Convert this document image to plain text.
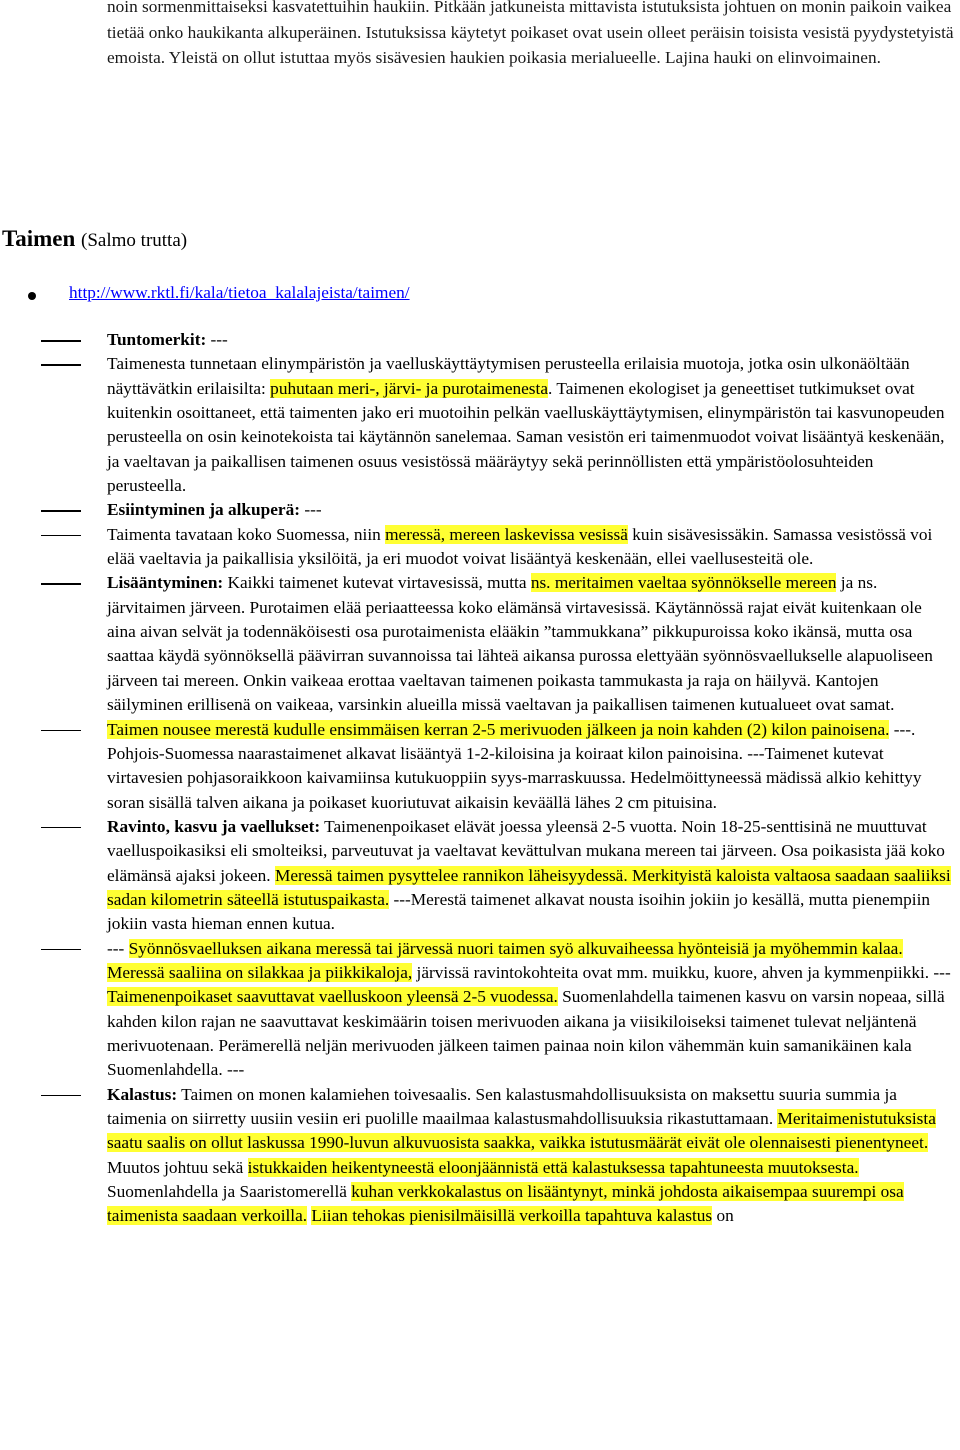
noin sormenmittaiseksi kasvatettuihin haukiin. Pitkään jatkuneista mittavista istutuksista johtuen on monin paikoin vaikea tietää onko haukikanta alkuperäinen. Istutuksissa käytetyt poikaset ovat usein olleet peräisin toisista vesistä pyydystetyistä emoista. Yleistä on ollut istuttaa myös sisävesien haukien poikasia merialueelle. Lajina hauki on elinvoimainen.

Taimen (Salmo trutta)
http://www.rktl.fi/kala/tietoa_kalalajeista/taimen/
Tuntomerkit: ---
Taimenesta tunnetaan elinympäristön ja vaelluskäyttäytymisen perusteella erilaisia muotoja, jotka osin ulkonäöltään näyttävätkin erilaisilta: puhutaan meri-, järvi- ja purotaimenesta. Taimenen ekologiset ja geneettiset tutkimukset ovat kuitenkin osoittaneet, että taimenten jako eri muotoihin pelkän vaelluskäyttäytymisen, elinympäristön tai kasvunopeuden perusteella on osin keinotekoista tai käytännön sanelemaa. Saman vesistön eri taimenmuodot voivat lisääntyä keskenään, ja vaeltavan ja paikallisen taimenen osuus vesistössä määräytyy sekä perinnöllisten että ympäristöolosuhteiden perusteella.
Esiintyminen ja alkuperä: ---
Taimenta tavataan koko Suomessa, niin meressä, mereen laskevissa vesissä kuin sisävesissäkin. Samassa vesistössä voi elää vaeltavia ja paikallisia yksilöitä, ja eri muodot voivat lisääntyä keskenään, ellei vaellusesteitä ole.
Lisääntyminen: Kaikki taimenet kutevat virtavesissä, mutta ns. meritaimen vaeltaa syönnökselle mereen ja ns. järvitaimen järveen. Purotaimen elää periaatteessa koko elämänsä virtavesissä. Käytännössä rajat eivät kuitenkaan ole aina aivan selvät ja todennäköisesti osa purotaimenista elääkin ”tammukkana” pikkupuroissa koko ikänsä, mutta osa saattaa käydä syönnöksellä päävirran suvannoissa tai lähteä aikansa purossa elettyään syönnösvaellukselle alapuoliseen järveen tai mereen. Onkin vaikeaa erottaa vaeltavan taimenen poikasta tammukasta ja raja on häilyvä. Kantojen säilyminen erillisenä on vaikeaa, varsinkin alueilla missä vaeltavan ja paikallisen taimenen kutualueet ovat samat.
Taimen nousee merestä kudulle ensimmäisen kerran 2-5 merivuoden jälkeen ja noin kahden (2) kilon painoisena. ---. Pohjois-Suomessa naarastaimenet alkavat lisääntyä 1-2-kiloisina ja koiraat kilon painoisina. ---Taimenet kutevat virtavesien pohjasoraikkoon kaivamiinsa kutukuoppiin syys-marraskuussa. Hedelmöittyneessä mädissä alkio kehittyy soran sisällä talven aikana ja poikaset kuoriutuvat aikaisin keväällä lähes 2 cm pituisina.
Ravinto, kasvu ja vaellukset: Taimenenpoikaset elävät joessa yleensä 2-5 vuotta. Noin 18-25-senttisinä ne muuttuvat vaelluspoikasiksi eli smolteiksi, parveutuvat ja vaeltavat kevättulvan mukana mereen tai järveen. Osa poikasista jää koko elämänsä ajaksi jokeen. Meressä taimen pysyttelee rannikon läheisyydessä. Merkityistä kaloista valtaosa saadaan saaliiksi sadan kilometrin säteellä istutuspaikasta. ---Merestä taimenet alkavat nousta isoihin jokiin jo kesällä, mutta pienempiin jokiin vasta hieman ennen kutua.
--- Syönnösvaelluksen aikana meressä tai järvessä nuori taimen syö alkuvaiheessa hyönteisiä ja myöhemmin kalaa. Meressä saaliina on silakkaa ja piikkikaloja, järvissä ravintokohteita ovat mm. muikku, kuore, ahven ja kymmenpiikki. --- Taimenenpoikaset saavuttavat vaelluskoon yleensä 2-5 vuodessa. Suomenlahdella taimenen kasvu on varsin nopeaa, sillä kahden kilon rajan ne saavuttavat keskimäärin toisen merivuoden aikana ja viisikiloiseksi taimenet tulevat neljäntenä merivuotenaan. Perämerellä neljän merivuoden jälkeen taimen painaa noin kilon vähemmän kuin samanikäinen kala Suomenlahdella. ---
Kalastus: Taimen on monen kalamiehen toivesaalis. Sen kalastusmahdollisuuksista on maksettu suuria summia ja taimenia on siirretty uusiin vesiin eri puolille maailmaa kalastusmahdollisuuksia rikastuttamaan. Meritaimenistutuksista saatu saalis on ollut laskussa 1990-luvun alkuvuosista saakka, vaikka istutusmäärät eivät ole olennaisesti pienentyneet. Muutos johtuu sekä istukkaiden heikentyneestä eloonjäännistä että kalastuksessa tapahtuneesta muutoksesta. Suomenlahdella ja Saaristomerellä kuhan verkkokalastus on lisääntynyt, minkä johdosta aikaisempaa suurempi osa taimenista saadaan verkoilla. Liian tehokas pienisilmäisillä verkoilla tapahtuva kalastus on
